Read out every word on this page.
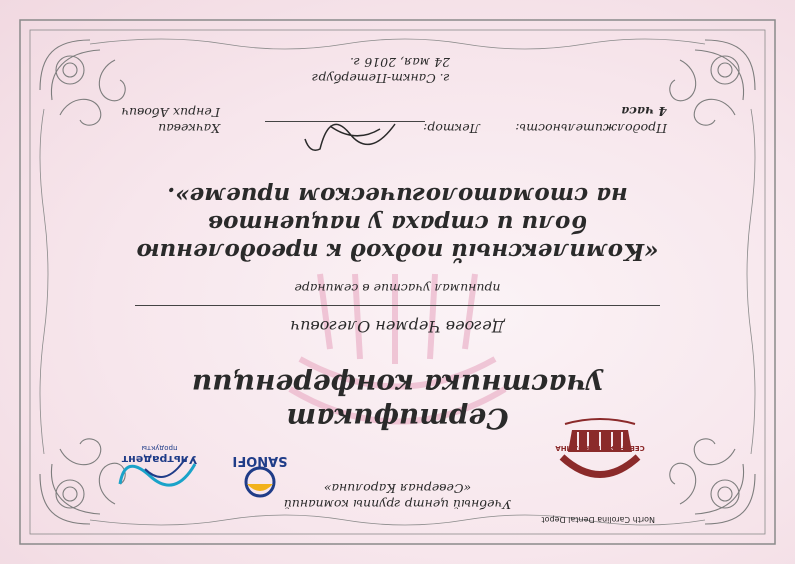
Учебный центр группы компаний
«Северная Каролина»
North Carolina Dental Depot
СЕВЕРНАЯ КАРОЛИНА
SANOFI
Ультрадент
продукты
Сертификат
участника конференции
Дегоев Чермен Олегович
принимал участие в семинаре
«Комплексный подход к преодолению
боли и страха у пациентов
на стоматологическом приеме».
Продолжительность:
4 часа
Лектор:
Хачкеваи
Генрих Абович
г. Санкт-Петербург
24 мая, 2016 г.
